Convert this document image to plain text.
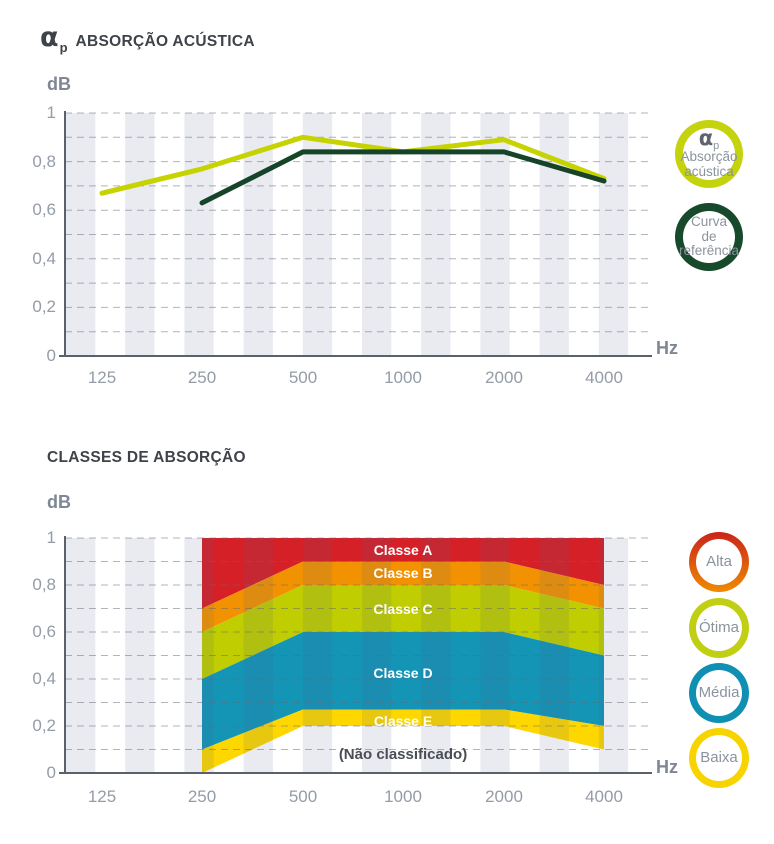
α p ABSORÇÃO ACÚSTICA
CLASSES DE ABSORÇÃO
dB
Hz
dB
Hz
125	250	500	1000	2000	4000
0
0,2
0,4
0,6
0,8
1
125	250	500	1000	2000	4000
0
0,2
0,4
0,6
0,8
1
Classe A
Classe B
Classe C
Classe D
Classe E
(Não classificado)
$\alpha_p$
Absorção
acústica
Curva
de
referência
Alta
Ótima
Média
Baixa
